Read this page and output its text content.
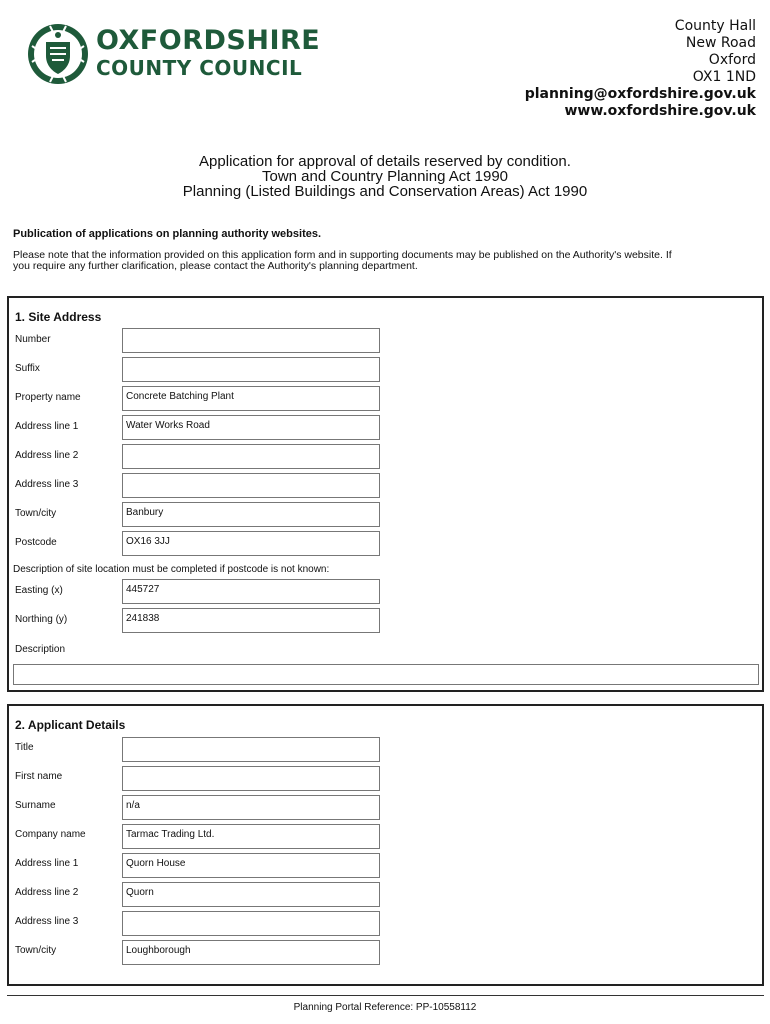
OXFORDSHIRE
COUNTY COUNCIL
County Hall
New Road
Oxford
OX1 1ND
planning@oxfordshire.gov.uk
www.oxfordshire.gov.uk
Application for approval of details reserved by condition.
Town and Country Planning Act 1990
Planning (Listed Buildings and Conservation Areas) Act 1990
Publication of applications on planning authority websites.
Please note that the information provided on this application form and in supporting documents may be published on the Authority's website. If
you require any further clarification, please contact the Authority's planning department.
1. Site Address
Number
Suffix
Property name	Concrete Batching Plant
Address line 1	Water Works Road
Address line 2
Address line 3
Town/city	Banbury
Postcode	OX16 3JJ
Description of site location must be completed if postcode is not known:
Easting (x)	445727
Northing (y)	241838
Description
2. Applicant Details
Title
First name
Surname	n/a
Company name	Tarmac Trading Ltd.
Address line 1	Quorn House
Address line 2	Quorn
Address line 3
Town/city	Loughborough
Planning Portal Reference: PP-10558112
